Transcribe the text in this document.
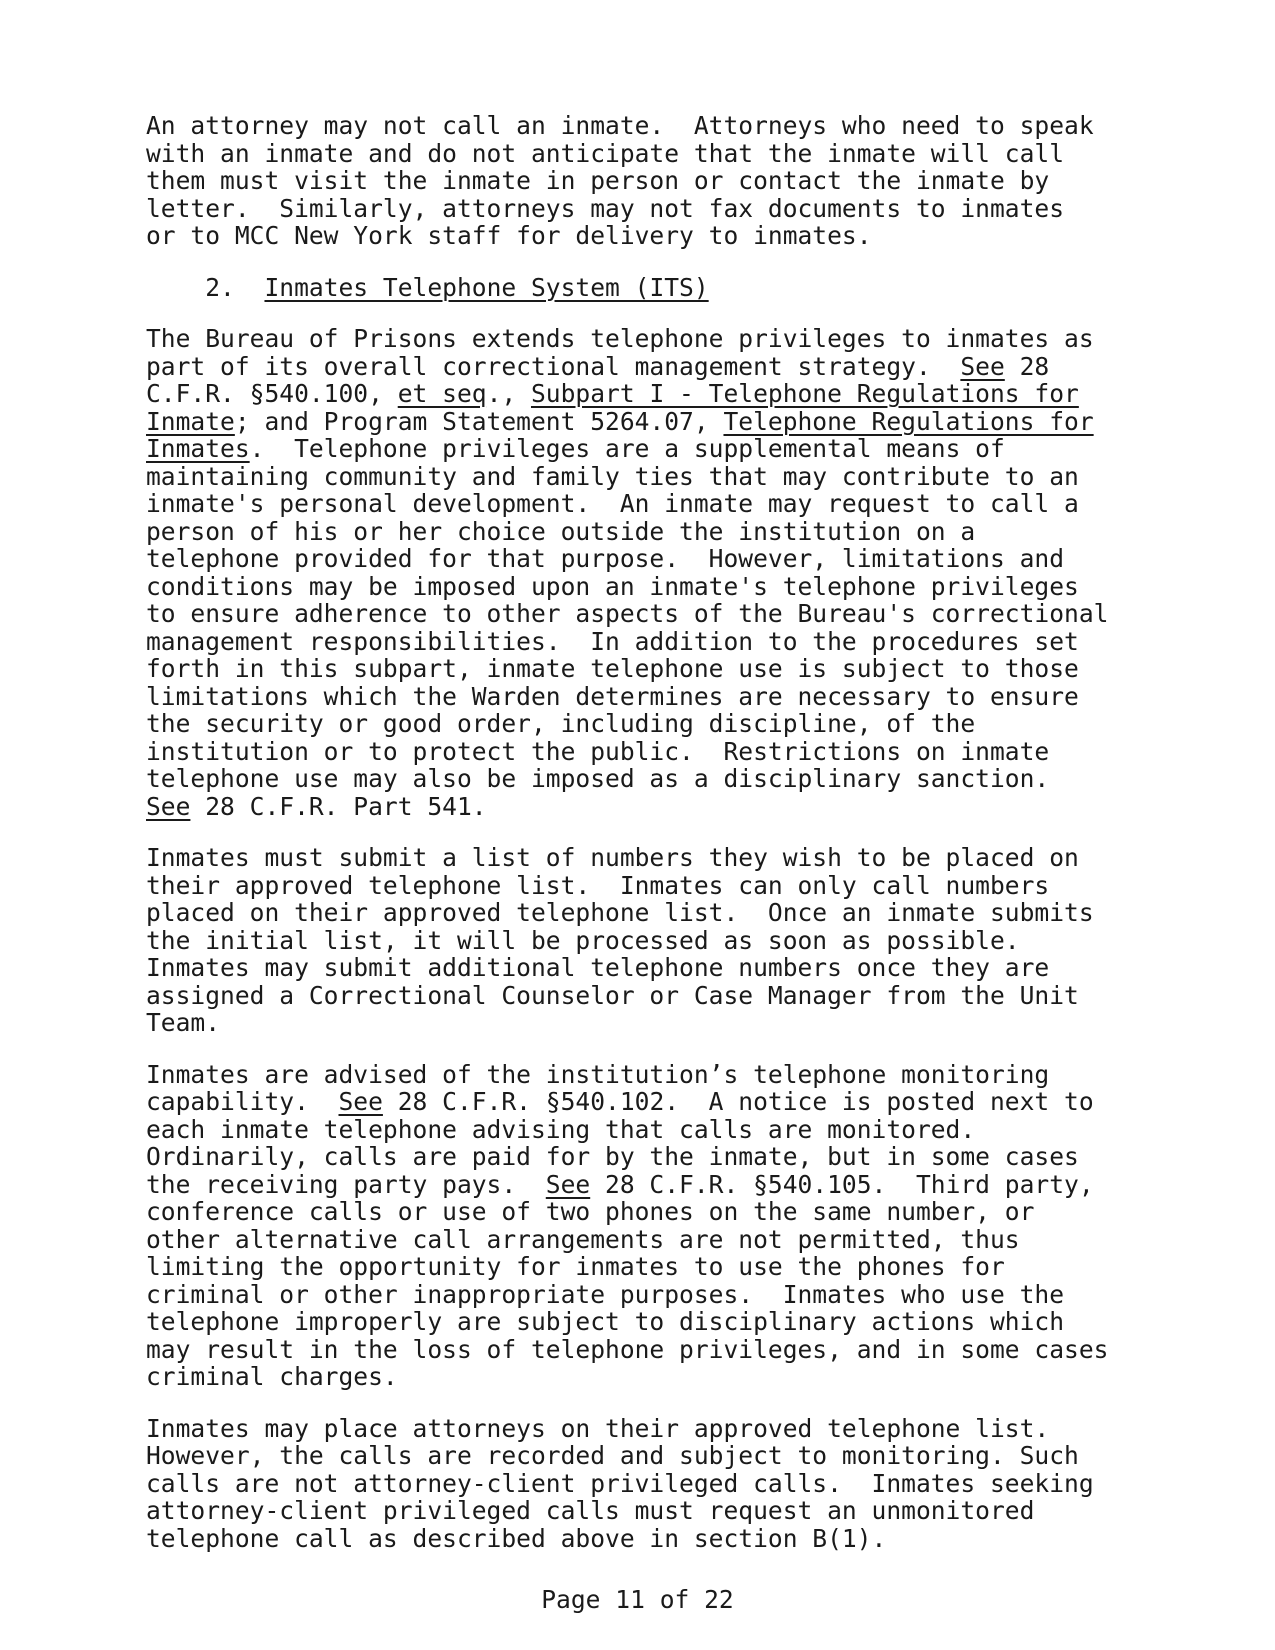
An attorney may not call an inmate.  Attorneys who need to speak
with an inmate and do not anticipate that the inmate will call
them must visit the inmate in person or contact the inmate by
letter.  Similarly, attorneys may not fax documents to inmates
or to MCC New York staff for delivery to inmates.
2.  Inmates Telephone System (ITS)
The Bureau of Prisons extends telephone privileges to inmates as
part of its overall correctional management strategy.  See 28
C.F.R. §540.100, et seq., Subpart I - Telephone Regulations for
Inmate; and Program Statement 5264.07, Telephone Regulations for
Inmates.  Telephone privileges are a supplemental means of
maintaining community and family ties that may contribute to an
inmate's personal development.  An inmate may request to call a
person of his or her choice outside the institution on a
telephone provided for that purpose.  However, limitations and
conditions may be imposed upon an inmate's telephone privileges
to ensure adherence to other aspects of the Bureau's correctional
management responsibilities.  In addition to the procedures set
forth in this subpart, inmate telephone use is subject to those
limitations which the Warden determines are necessary to ensure
the security or good order, including discipline, of the
institution or to protect the public.  Restrictions on inmate
telephone use may also be imposed as a disciplinary sanction.
See 28 C.F.R. Part 541.
Inmates must submit a list of numbers they wish to be placed on
their approved telephone list.  Inmates can only call numbers
placed on their approved telephone list.  Once an inmate submits
the initial list, it will be processed as soon as possible.
Inmates may submit additional telephone numbers once they are
assigned a Correctional Counselor or Case Manager from the Unit
Team.
Inmates are advised of the institution’s telephone monitoring
capability.  See 28 C.F.R. §540.102.  A notice is posted next to
each inmate telephone advising that calls are monitored.
Ordinarily, calls are paid for by the inmate, but in some cases
the receiving party pays.  See 28 C.F.R. §540.105.  Third party,
conference calls or use of two phones on the same number, or
other alternative call arrangements are not permitted, thus
limiting the opportunity for inmates to use the phones for
criminal or other inappropriate purposes.  Inmates who use the
telephone improperly are subject to disciplinary actions which
may result in the loss of telephone privileges, and in some cases
criminal charges.
Inmates may place attorneys on their approved telephone list.
However, the calls are recorded and subject to monitoring. Such
calls are not attorney-client privileged calls.  Inmates seeking
attorney-client privileged calls must request an unmonitored
telephone call as described above in section B(1).
Page 11 of 22
